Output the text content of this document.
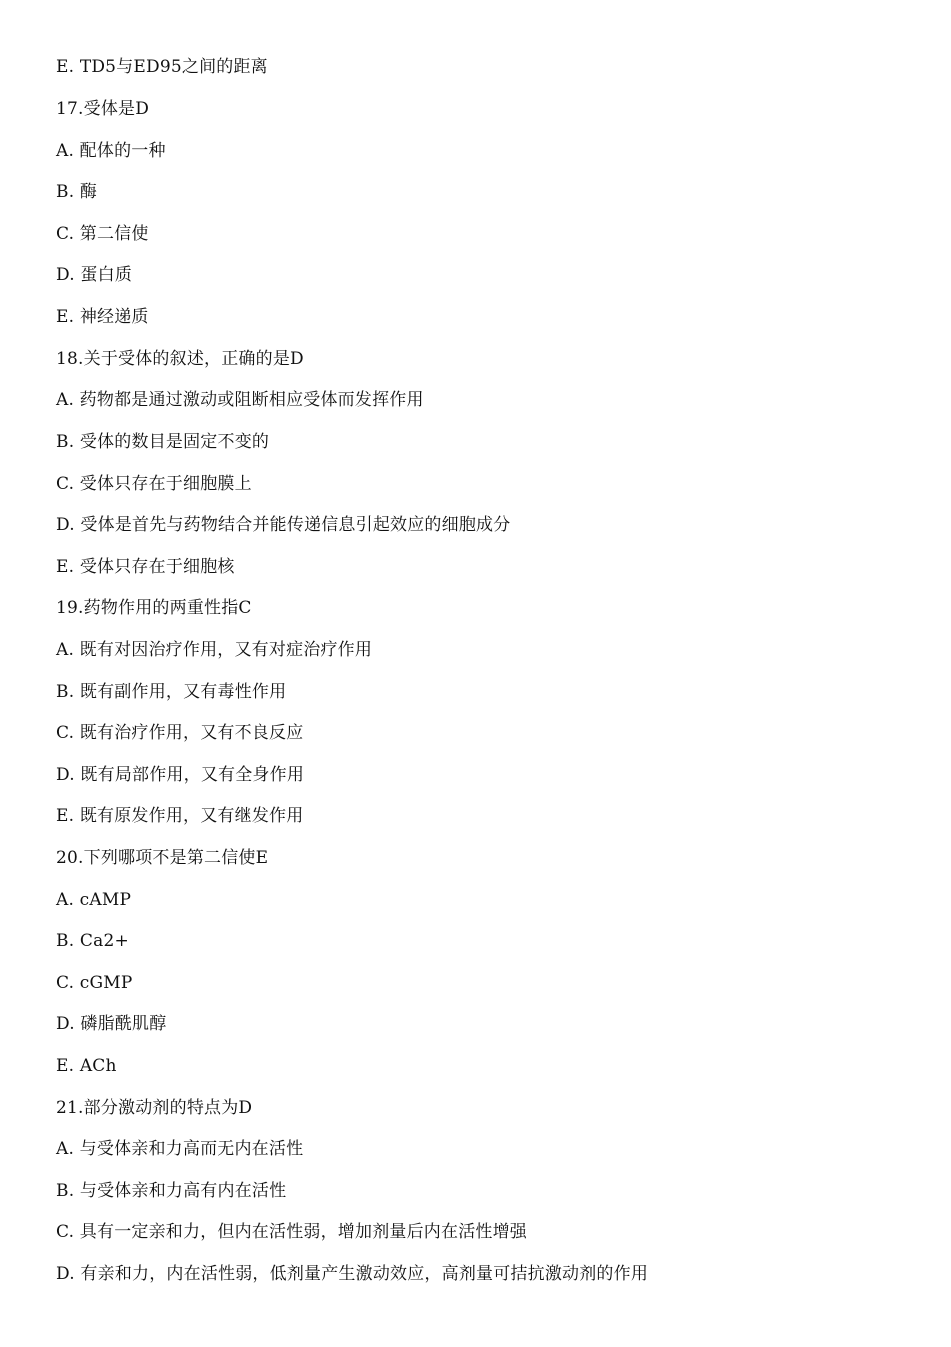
E. TD5与ED95之间的距离
17.受体是D
A. 配体的一种
B. 酶
C. 第二信使
D. 蛋白质
E. 神经递质
18.关于受体的叙述，正确的是D
A. 药物都是通过激动或阻断相应受体而发挥作用
B. 受体的数目是固定不变的
C. 受体只存在于细胞膜上
D. 受体是首先与药物结合并能传递信息引起效应的细胞成分
E. 受体只存在于细胞核
19.药物作用的两重性指C
A. 既有对因治疗作用，又有对症治疗作用
B. 既有副作用，又有毒性作用
C. 既有治疗作用，又有不良反应
D. 既有局部作用，又有全身作用
E. 既有原发作用，又有继发作用
20.下列哪项不是第二信使E
A. cAMP
B. Ca2+
C. cGMP
D. 磷脂酰肌醇
E. ACh
21.部分激动剂的特点为D
A. 与受体亲和力高而无内在活性
B. 与受体亲和力高有内在活性
C. 具有一定亲和力，但内在活性弱，增加剂量后内在活性增强
D. 有亲和力，内在活性弱，低剂量产生激动效应，高剂量可拮抗激动剂的作用
